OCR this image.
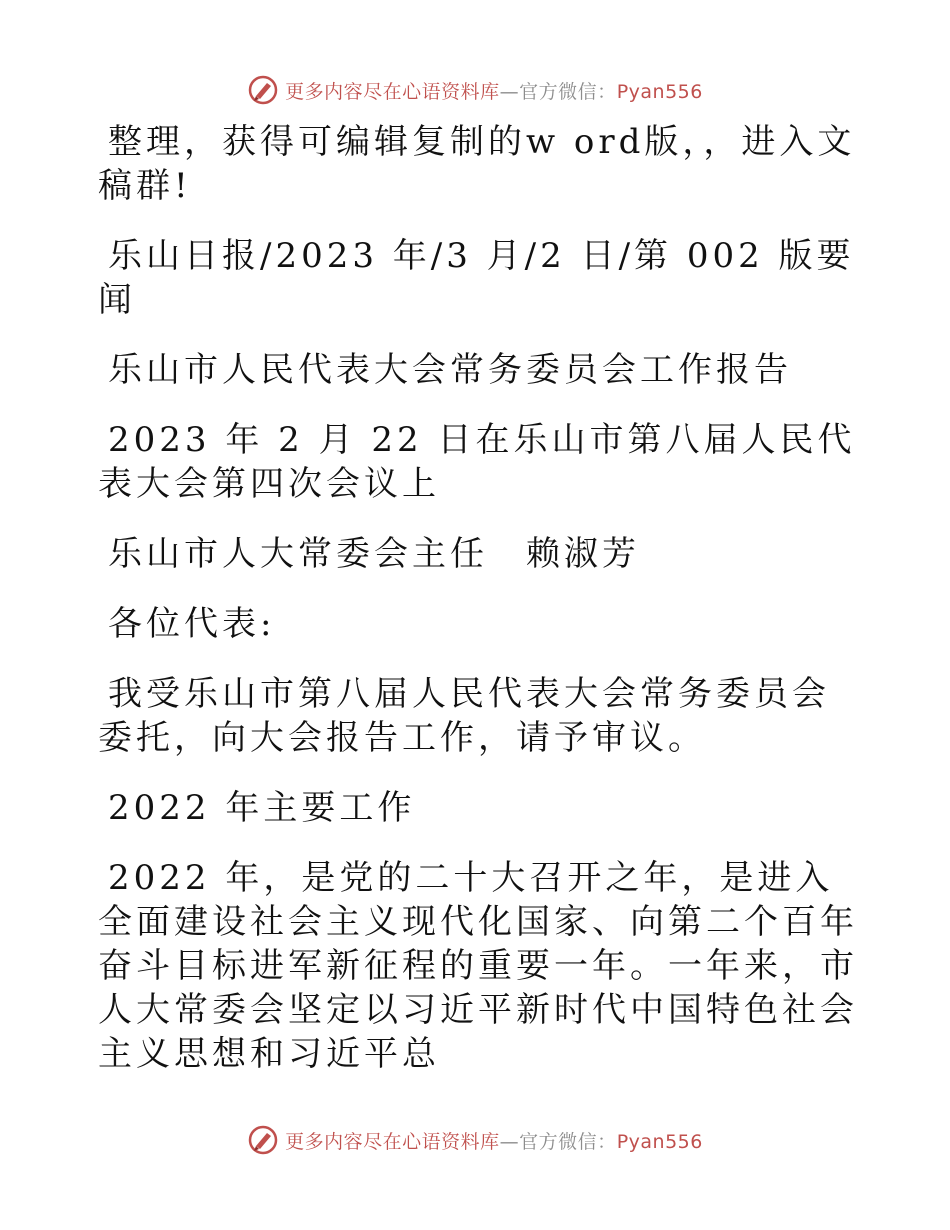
更多内容尽在心语资料库—官方微信：Pyan556

整理，获得可编辑复制的w ord版，，进入文稿群!

乐山日报/2023 年/3 月/2 日/第 002 版要闻

乐山市人民代表大会常务委员会工作报告

2023 年 2 月 22 日在乐山市第八届人民代表大会第四次会议上

乐山市人大常委会主任　赖淑芳

各位代表:

我受乐山市第八届人民代表大会常务委员会委托，向大会报告工作，请予审议。

2022 年主要工作

2022 年，是党的二十大召开之年，是进入全面建设社会主义现代化国家、向第二个百年奋斗目标进军新征程的重要一年。一年来，市人大常委会坚定以习近平新时代中国特色社会主义思想和习近平总

更多内容尽在心语资料库—官方微信：Pyan556
